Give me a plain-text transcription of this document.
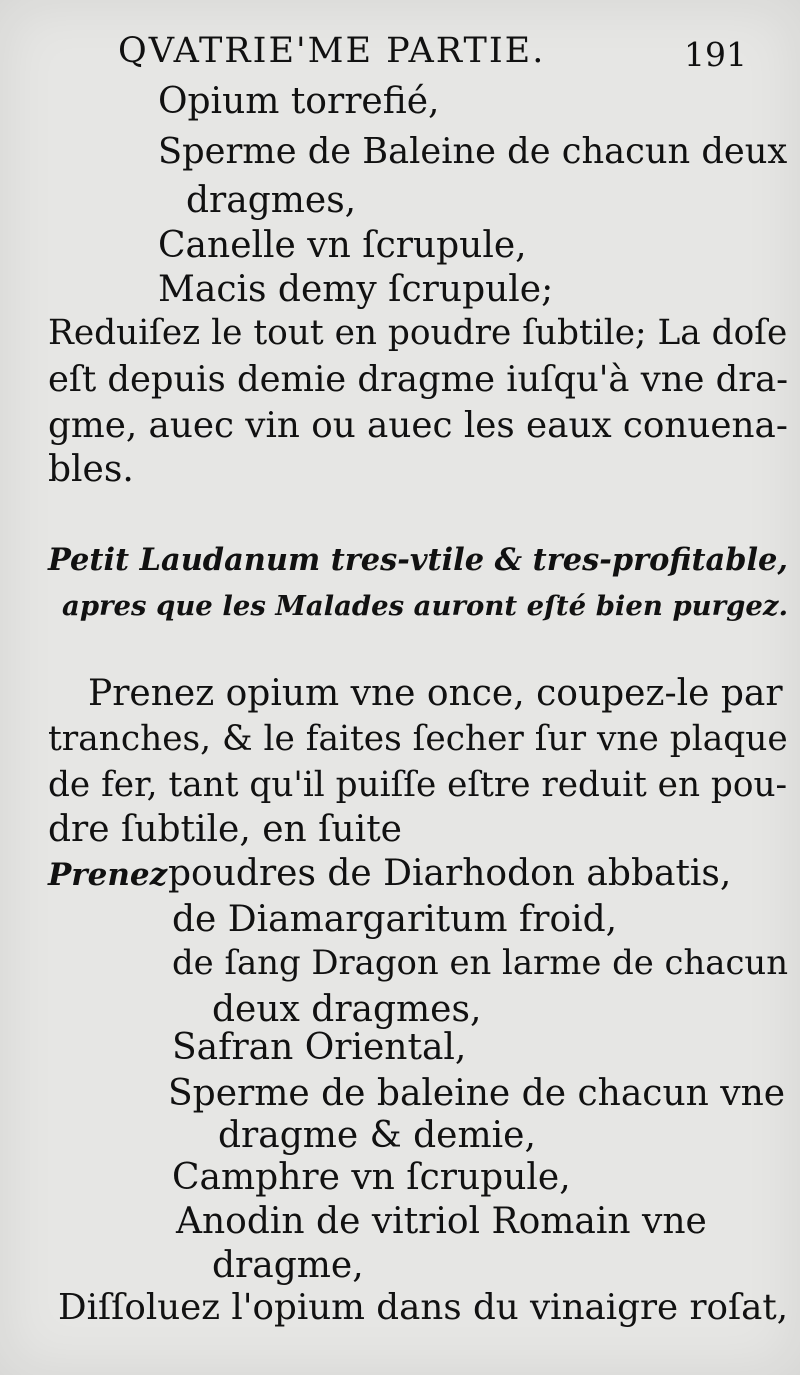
QVATRIE'ME PARTIE.	191
Opium torrefié,
Sperme de Baleine de chacun deux
dragmes,
Canelle vn ſcrupule,
Macis demy ſcrupule;
Reduiſez le tout en poudre ſubtile; La doſe
eſt depuis demie dragme iuſqu'à vne dra-
gme, auec vin ou auec les eaux conuena-
bles.
Petit Laudanum tres-vtile & tres-profitable,
apres que les Malades auront eſté bien purgez.
Prenez opium vne once, coupez-le par
tranches, & le faites ſecher ſur vne plaque
de fer, tant qu'il puiſſe eſtre reduit en pou-
dre ſubtile, en ſuite
Prenez poudres de Diarhodon abbatis,
de Diamargaritum froid,
de ſang Dragon en larme de chacun
deux dragmes,
Safran Oriental,
Sperme de baleine de chacun vne
dragme & demie,
Camphre vn ſcrupule,
Anodin de vitriol Romain vne
dragme,
Diſſoluez l'opium dans du vinaigre roſat,
